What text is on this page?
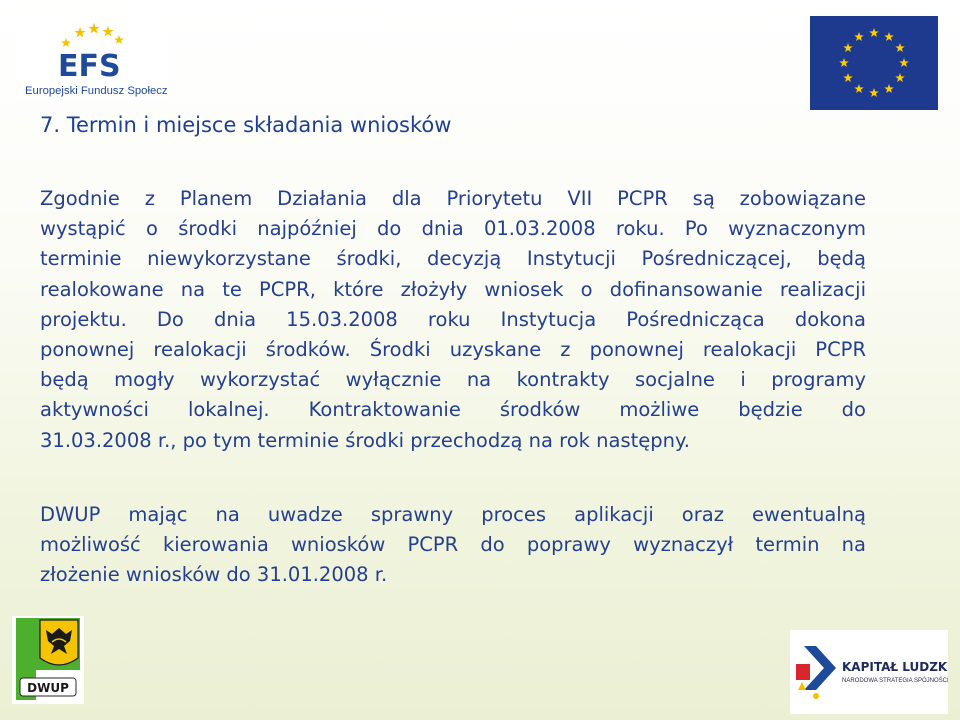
EFS
Europejski Fundusz Społeczny
7. Termin i miejsce składania wniosków
Zgodnie z Planem Działania dla Priorytetu VII PCPR są zobowiązane
wystąpić o środki najpóźniej do dnia 01.03.2008 roku. Po wyznaczonym
terminie niewykorzystane środki, decyzją Instytucji Pośredniczącej, będą
realokowane na te PCPR, które złożyły wniosek o dofinansowanie realizacji
projektu. Do dnia 15.03.2008 roku Instytucja Pośrednicząca dokona
ponownej realokacji środków. Środki uzyskane z ponownej realokacji PCPR
będą mogły wykorzystać wyłącznie na kontrakty socjalne i programy
aktywności lokalnej. Kontraktowanie środków możliwe będzie do
31.03.2008 r., po tym terminie środki przechodzą na rok następny.
DWUP mając na uwadze sprawny proces aplikacji oraz ewentualną
możliwość kierowania wniosków PCPR do poprawy wyznaczył termin na
złożenie wniosków do 31.01.2008 r.
DWUP
KAPITAŁ LUDZKI
NARODOWA STRATEGIA SPÓJNOŚCI
